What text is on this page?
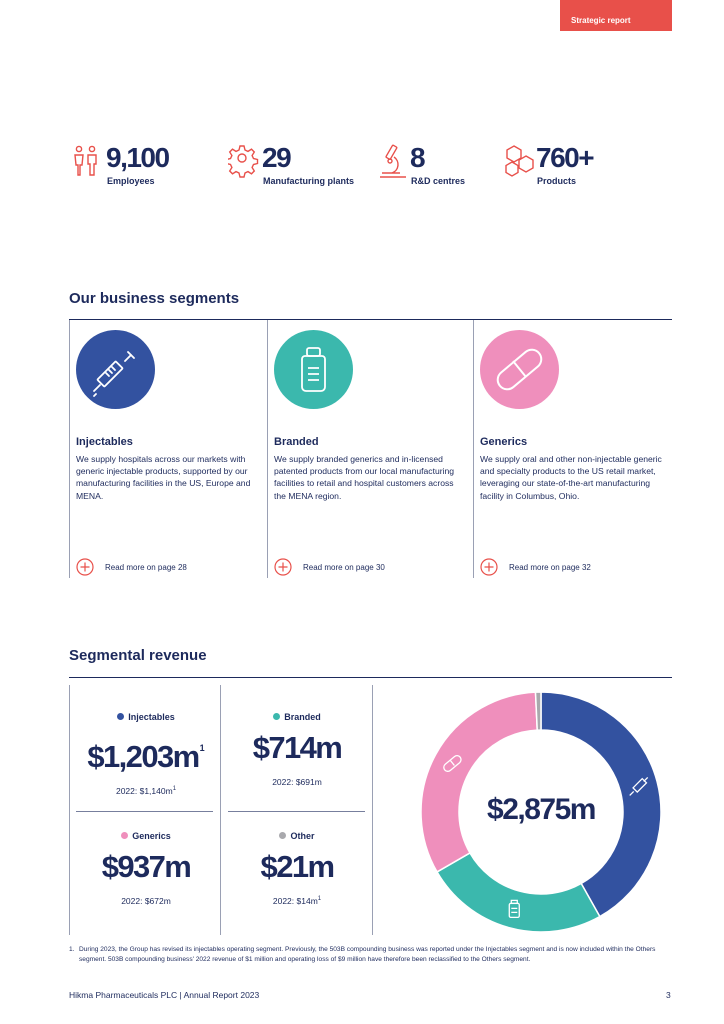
Strategic report
9,100
Employees
29
Manufacturing plants
8
R&D centres
760+
Products
Our business segments
Injectables
We supply hospitals across our markets with generic injectable products, supported by our manufacturing facilities in the US, Europe and MENA.
Read more on page 28
Branded
We supply branded generics and in-licensed patented products from our local manufacturing facilities to retail and hospital customers across the MENA region.
Read more on page 30
Generics
We supply oral and other non-injectable generic and specialty products to the US retail market, leveraging our state-of-the-art manufacturing facility in Columbus, Ohio.
Read more on page 32
Segmental revenue
Injectables
$\$1,203m^1$
2022: $\$1,140m^1$
Branded
$714m
2022: $691m
Generics
$937m
2022: $672m
Other
$21m
2022: $\$14m^1$
$2,875m
1. During 2023, the Group has revised its injectables operating segment. Previously, the 503B compounding business was reported under the Injectables segment and is now included within the Others segment. 503B compounding business' 2022 revenue of $1 million and operating loss of $9 million have therefore been reclassified to the Others segment.
Hikma Pharmaceuticals PLC | Annual Report 2023	3
